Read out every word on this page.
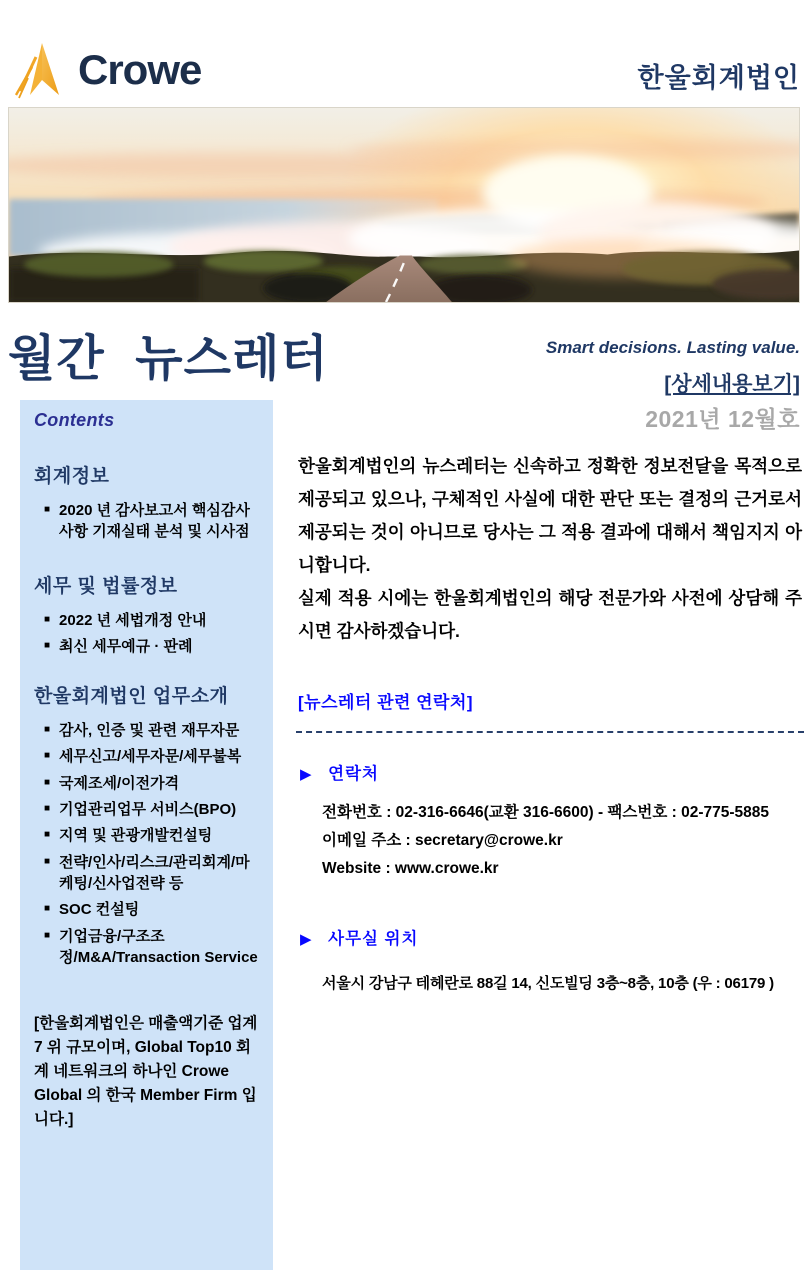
Crowe	한울회계법인
월간 뉴스레터	Smart decisions. Lasting value.
[상세내용보기]
2021년 12월호
Contents
회계정보
■ 2020 년 감사보고서 핵심감사사항 기재실태 분석 및 시사점
세무 및 법률정보
■ 2022 년 세법개정 안내
■ 최신 세무예규 · 판례
한울회계법인 업무소개
■ 감사, 인증 및 관련 재무자문
■ 세무신고/세무자문/세무불복
■ 국제조세/이전가격
■ 기업관리업무 서비스(BPO)
■ 지역 및 관광개발컨설팅
■ 전략/인사/리스크/관리회계/마케팅/신사업전략 등
■ SOC 컨설팅
■ 기업금융/구조조정/M&A/Transaction Service
[한울회계법인은 매출액기준 업계 7 위 규모이며, Global Top10 회계 네트워크의 하나인 Crowe Global 의 한국 Member Firm 입니다.]

한울회계법인의 뉴스레터는 신속하고 정확한 정보전달을 목적으로 제공되고 있으나, 구체적인 사실에 대한 판단 또는 결정의 근거로서 제공되는 것이 아니므로 당사는 그 적용 결과에 대해서 책임지지 아니합니다.

실제 적용 시에는 한울회계법인의 해당 전문가와 사전에 상담해 주시면 감사하겠습니다.

[뉴스레터 관련 연락처]
▶ 연락처
전화번호 : 02-316-6646(교환 316-6600) - 팩스번호 : 02-775-5885
이메일 주소 : secretary@crowe.kr
Website : www.crowe.kr
▶ 사무실 위치
서울시 강남구 테헤란로 88길 14, 신도빌딩 3층~8층, 10층 (우 : 06179 )
